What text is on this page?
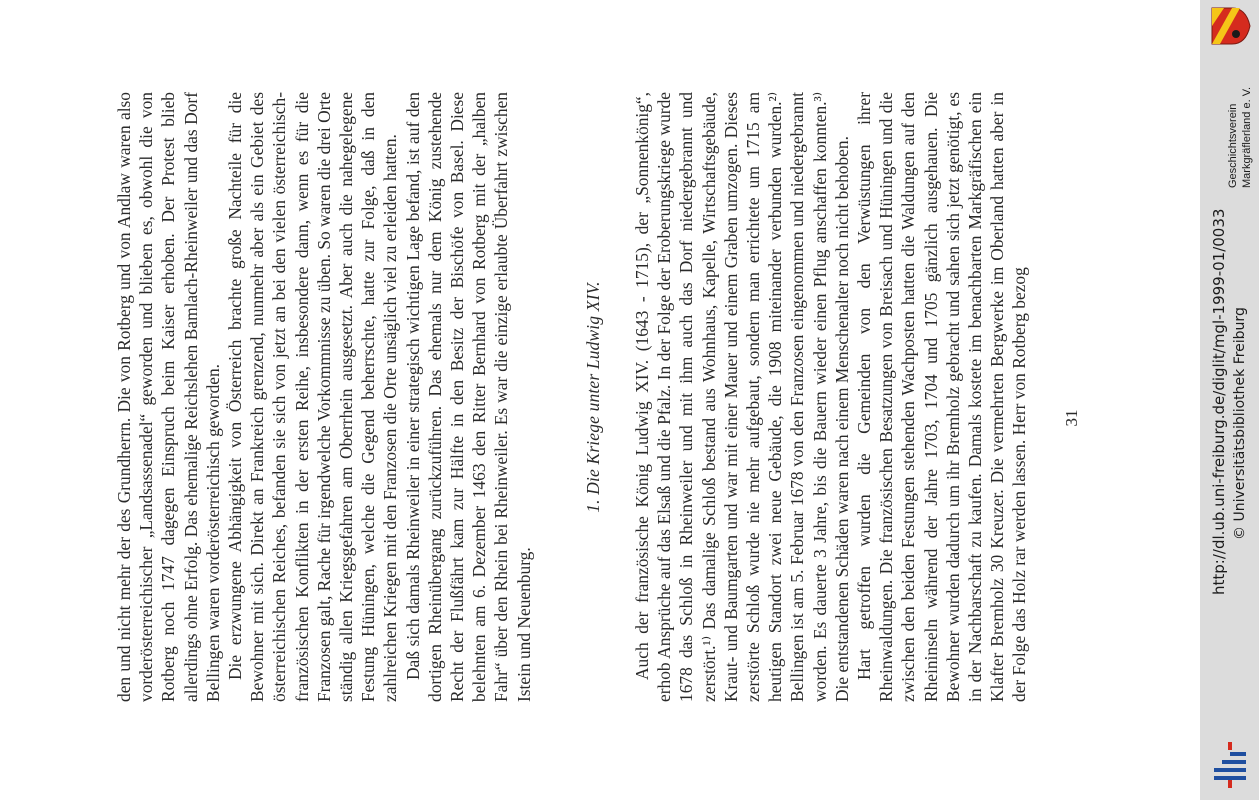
den und nicht mehr der des Grundherrn. Die von Rotberg und von Andlaw waren also vorderösterreichischer „Landsassenadel“ geworden und blieben es, obwohl die von Rotberg noch 1747 dagegen Einspruch beim Kaiser erhoben. Der Protest blieb allerdings ohne Erfolg. Das ehemalige Reichslehen Bamlach-Rheinweiler und das Dorf Bellingen waren vorderösterreichisch geworden. Die erzwungene Abhängigkeit von Österreich brachte große Nachteile für die Bewohner mit sich. Direkt an Frankreich grenzend, nunmehr aber als ein Gebiet des österreichischen Reiches, befanden sie sich von jetzt an bei den vielen österreichisch-französischen Konflikten in der ersten Reihe, insbesondere dann, wenn es für die Franzosen galt, Rache für irgendwelche Vorkommnisse zu üben. So waren die drei Orte ständig allen Kriegsgefahren am Oberrhein ausgesetzt. Aber auch die nahegelegene Festung Hüningen, welche die Gegend beherrschte, hatte zur Folge, daß in den zahlreichen Kriegen mit den Franzosen die Orte unsäglich viel zu erleiden hatten. Daß sich damals Rheinweiler in einer strategisch wichtigen Lage befand, ist auf den dortigen Rheinübergang zurückzuführen. Das ehemals nur dem König zustehende Recht der Flußfährt kam zur Hälfte in den Besitz der Bischöfe von Basel. Diese belehnten am 6. Dezember 1463 den Ritter Bernhard von Rotberg mit der „halben Fahr“ über den Rhein bei Rheinweiler. Es war die einzige erlaubte Überfahrt zwischen Istein und Neuenburg.

1. Die Kriege unter Ludwig XIV. Auch der französische König Ludwig XIV. (1643 - 1715), der „Sonnenkönig“, erhob Ansprüche auf das Elsaß und die Pfalz. In der Folge der Eroberungskriege wurde 1678 das Schloß in Rheinweiler und mit ihm auch das Dorf niedergebrannt und zerstört.¹⁾ Das damalige Schloß bestand aus Wohnhaus, Kapelle, Wirtschaftsgebäude, Kraut- und Baumgarten und war mit einer Mauer und einem Graben umzogen. Dieses zerstörte Schloß wurde nie mehr aufgebaut, sondern man errichtete um 1715 am heutigen Standort zwei neue Gebäude, die 1908 miteinander verbunden wurden.²⁾ Bellingen ist am 5. Februar 1678 von den Franzosen eingenommen und niedergebrannt worden. Es dauerte 3 Jahre, bis die Bauern wieder einen Pflug anschaffen konnten.³⁾ Die entstandenen Schäden waren nach einem Menschenalter noch nicht behoben. Hart getroffen wurden die Gemeinden von den Verwüstungen ihrer Rheinwaldungen. Die französischen Besatzungen von Breisach und Hüningen und die zwischen den beiden Festungen stehenden Wachposten hatten die Waldungen auf den Rheininseln während der Jahre 1703, 1704 und 1705 gänzlich ausgehauen. Die Bewohner wurden dadurch um ihr Bremholz gebracht und sahen sich jetzt genötigt, es in der Nachbarschaft zu kaufen. Damals kostete im benachbarten Markgräfischen ein Klafter Bremholz 30 Kreuzer. Die vermehrten Bergwerke im Oberland hatten aber in der Folge das Holz rar werden lassen. Herr von Rotberg bezog 31	http://dl.ub.uni-freiburg.de/diglit/mgl-1999-01/0033 © Universitätsbibliothek Freiburg
Geschichtsverein Markgräflerland e. V.
